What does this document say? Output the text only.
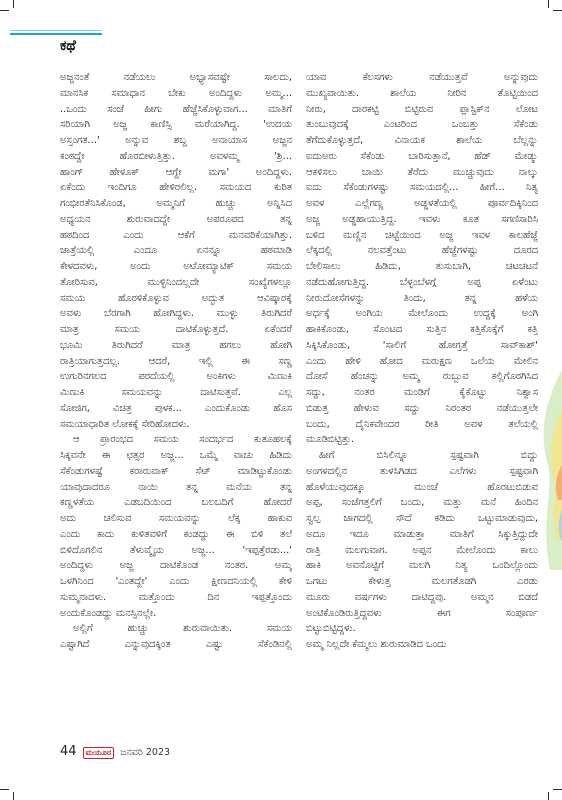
ಕಥೆ
ಅಜ್ಜನಂತೆ ನಡೆಯಲು ಅಭ್ಯಾಸವಷ್ಟೇ ಸಾಲದು,
ಮಾನಸಿಕ ಸಮಾಧಾನ ಬೇಕು ಅಂದಿದ್ದಳು ಅಮ್ಮ...
..ಒಂದು ಸಂಜೆ ಹೀಗು ಹೆಜ್ಜೆಸಿಕೊಳ್ಳುವಾಗ... ಮಾತಿಗೆ
ಸರಿಯಾಗಿ ಅಜ್ಜ ಕಾಣಿಸ್ಸಿ ಮರೆಯಾಗಿದ್ದ. 'ಉದಯ
ಅಸ್ತಂಗತ...' ಅನ್ನುವ ಶಬ್ದ ಅನಾಯಾಸ ಅಜ್ಜನ
ಕಂಠದ್ದೇ ಹೊರಬೀಳುತ್ತಿತ್ತು. ಅವಳಮ್ಮ 'ಶ್ರಿ...
ಹಾಂಗ್ ಹೇಳೂಕ್ ಆಗ್ದೇ ಮಗಾ' ಅಂದಿದ್ದಳು.
ಏಕೆಂದು ಇಂದಿಗೂ ಹೇಳಿರಲಿಲ್ಲ. ಸಮಯದ ಕುರಿತ
ಗಂಭೀರತೆನಿಸಿಕೊಂಡ, ಅಮ್ಮನಿಗೆ ಹುಚ್ಚು ಅನ್ನಿಸಿದ
ಅಧ್ಯಯನ ಶುರುವಾದದ್ದೇ ಅಪರೂಪದ ತನ್ನ
ಹಠದಿಂದ ಎಂದು ಆಕೆಗೆ ಮನವರಿಕೆಯಾಗಿತ್ತು.
ಜಾತ್ರೆಯಲ್ಲಿ ಎಂದೂ ಏನನ್ನೂ ಹಠಮಾಡಿ
ಕೇಳದವಳು, ಅಂದು ಅಟೋಮ್ಯಾಟಿಕ್ ಸಮಯ
ತೋರಿಸುವ, ಮುಳ್ಳಿನಿಂದಲ್ಲದೇ ಸಂಖ್ಯೆಗಳಲ್ಲೂ
ಸಮಯ ಹೊರಳಿಕೊಳ್ಳುವ ಅದ್ಭುತ ಆವಿಷ್ಕಾರಕ್ಕೆ
ಅವಳು ಬೆರಗಾಗಿ ಹೋಗಿದ್ದಳು. ಮುಳ್ಳು ತಿರುಗಿದರೆ
ಮಾತ್ರ ಸಮಯ ದಾಟಿಕೊಳ್ಳುತ್ತದೆ. ಏಕೆಂದರೆ
ಭೂಮಿ ತಿರುಗಿದರೆ ಮಾತ್ರ ಹಗಲು ಹೋಗಿ
ರಾತ್ರಿಯಾಗುತ್ತದಲ್ಲ. ಆದರೆ, ಇಲ್ಲಿ ಈ ಸಣ್ಣ
ಉಗುರಿನಗಲದ ಪರದೆಯಲ್ಲಿ ಅಂಕಿಗಳು ಮಿಣುಕಿ
ಮಿಣುಕಿ ಸಮಯವನ್ನು ದಾಟಿಸುತ್ತವೆ. ಎಲ್ಲ
ಸೋಜಿಗ, ವಿಚಿತ್ರ ಪುಳಕ... ಎಂದುಕೊಂಡು ಹೊಸ
ಸಮಯಾಧಾರಿತ ಲೋಕಕ್ಕೆ ಸೇರಿಹೋದಳು.
ಆ ಪ್ರಾರಂಭದ ಸಮಯ ಸಂದರ್ಭದ ಕುತೂಹಲಕ್ಕೆ
ಸಿಕ್ಕವನೇ ಈ ಛತ್ಸರ ಅಜ್ಜ... ಒಮ್ಮೆ ವಾಚು ಹಿಡಿದು
ಸೆಕೆಂಡುಗಳಷ್ಟೆ ಕರಾರುವಾಕ್ ಸೆಟ್ ಮಾಡಿಟ್ಟುಕೊಂಡು
ಯಾವುದಾದರೂ ನಾಯಿ ತನ್ನ ಮನೆಯ ತನ್ನ
ಕಣ್ಣಳತೆಯ ಎಡಬದಿಯಿಂದ ಬಲಬದಿಗೆ ಹೋದರೆ
ಅದು ಚಲಿಸುವ ಸಮಯವನ್ನು ಲೆಕ್ಕ ಹಾಕುವ
ಎಂದು ಕಾದು ಕುಳಿತವಳಿಗೆ ಕಂಡದ್ದು ಈ ಬಿಳಿ ತಲೆ
ಬಿಳಿದೊಗಲಿನ ತೆಳುವ್ಮೈಯ ಅಜ್ಜ... 'ಇಪ್ಪತ್ತೆರಡು...'
ಅಂದಿದ್ದಳು ಅಜ್ಜ ದಾಟಿಕೊಂಡ ನಂತರ. ಅಮ್ಮ
ಒಳಗಿನಿಂದ 'ಎಂತದ್ದೇ' ಎಂದು ಕ್ಷೀಣದನಿಯಲ್ಲಿ ಕೇಳಿ
ಸುಮ್ಮನಾದಳು. ಮತ್ತೊಂದು ದಿನ ಇಪ್ಪತ್ತೊಂದು
ಅಂದುಕೊಂಡದ್ದು ಮನಸ್ಸಿನಲ್ಲೇ.
ಅಲ್ಲಿಗೆ ಹುಚ್ಚು ಶುರುವಾಯಿತು. ಸಮಯ
ಎಷ್ಟಾಗಿದೆ ಎನ್ನುವುದಕ್ಕಿಂತ ಎಷ್ಟು ಸೆಕೆಂಡಿನಲ್ಲಿ
ಯಾವ ಕೆಲಸಗಳು ನಡೆಯುತ್ತವೆ ಅನ್ನುವುದು
ಮುಖ್ಯವಾಯಿತು. ಶಾಲೆಯ ನೀರಿನ ತೊಟ್ಟಿಯಿಂದ
ನೀರು, ದಾರಕಟ್ಟಿ ಬಿಟ್ಟಿರುವ ಪ್ಲಾಸ್ಟಿಕ್‌ನ ಲೋಟ
ತುಂಬುವುದಕ್ಕೆ ಎಂಟರಿಂದ ಒಂಬತ್ತು ಸೆಕೆಂಡು
ತೆಗೆದುಕೊಳ್ಳುತ್ತದೆ, ವಿನಾಯಕ ಶಾಲೆಯ ಬೆಲ್ಲನ್ನು
ಐದುಅರು ಸೆಕೆಂಡು ಬಾರಿಸುತ್ತಾನೆ, ಹೆಡ್ ಮೇಡ್ಮು
ಆಕಳಿಸಲು ಬಾಯಿ ತೆರೆದು ಮುಚ್ಚುವುದು ನಾಲ್ಕು
ಐದು ಸೆಕೆಂಡುಗಳಷ್ಟು ಸಮಯದಲ್ಲಿ... ಹೀಗೆ... ನಿತ್ಯ
ಅವಳ ಎಲ್ಲೆಗಣ್ಣ ಅಡ್ಡಳತೆಯಲ್ಲಿ ಪೂರ್ವದಿಕ್ಕಿನಿಂದ
ಅಜ್ಜ ಅಡ್ಡಹಾಯುತ್ತಿದ್ದ. ಇವಳು ಕೂತ ಸಗಣಿಸಾರಿಸಿ
ಬಳಿದ ಮಣ್ಣಿನ ಚಿಟ್ಟೆಯಿಂದ ಅಜ್ಜ ಇವಳ ಕಾಲಹೆಜ್ಜೆ
ಲೆಕ್ಕದಲ್ಲಿ ನಲವತ್ತೆಂಟು ಹೆಜ್ಜೆಗಳಷ್ಟು ದೂರದ
ಬೇಲಿಸಾಲು ಹಿಡಿದು, ತುಸುಬಾಗಿ, ಚಟಚಟನೆ
ನಡೆದುಹೋಗುತ್ತಿದ್ದ. ಬೆಳ್ಳಂಬೆಳಗ್ಗೆ ಅಪ್ಪ ಏಳೆಂಟು
ನೀರುದೋಸೆಗಳನ್ನು ತಿಂದು, ತನ್ನ ಹಳೆಯ
ಅರ್ಧಕ್ಕೆ ಅಂಗಿಯ ಮೇಲೊಂದು ಉದ್ದಕ್ಕೆ ಅಂಗಿ
ಹಾಕಿಕೊಂಡು, ಸೊಂಟದ ಸುತ್ತಿನ ಕತ್ತಿಕೊಕ್ಕೆಗೆ ಕತ್ತಿ
ಸಿಕ್ಕಿಸಿಕೊಂಡು, 'ಸಾಲಿಗೆ ಹೋಗ್ತತ್ತೆ ಸಾವ್‌ಕಾಶ್'
ಎಂದು ಹೇಳಿ ಹೋದ ಮರುಕ್ಷಣ ಒಲೆಯ ಮೇಲಿನ
ದೋಸೆ ಹೆಂಚನ್ನು ಅಮ್ಮ ರುಬ್ಬುವ ಕಲ್ಲಿಗೊರಗಿಸಿದ
ಸದ್ದು, ನಂತರ ಮಂಡಿಗೆ ಕೈಕೊಟ್ಟು ನಿಶ್ವಾಸ
ಬಿಡುತ್ತ ಹೇಳುವ ಸದ್ದು ನಿರಂತರ ನಡೆಯುತ್ತಲೇ
ಬಂದು, ದೈನಿಕವೇಂದರ ರೀತಿ ಅವಳ ತಲೆಯಲ್ಲಿ
ಮೂಡಿಬಿಟ್ಟಿತ್ತು.
ಹೀಗೆ ಬಿಸಿಲಿನ್ನೂ ಸ್ಪಷ್ಟವಾಗಿ ಬಿದ್ದು
ಅಂಗಳದಲ್ಲಿನ ತುಳಸಿಗಿಡದ ಎಲೆಗಳು ಸ್ಪಷ್ಟವಾಗಿ
ಹೊಳೆಯುವುದಕ್ಕೂ ಮುಂಚೆ ಹೊರಟುಬಿಡುವ
ಅಪ್ಪ, ಸಂಜೆಗತ್ತಲಿಗೆ ಬಂದು, ಮತ್ತು ಮನೆ ಹಿಂದಿನ
ಸ್ವಲ್ಪ ಜಾಗದಲ್ಲಿ ಸೌದೆ ಕಡಿದು ಒಟ್ಟುಮಾಡುವುದು,
ಅದೂ ಇದೂ ಮಾಡುತ್ತಾ ಮಾತಿಗೆ ಸಿಕ್ಕುತ್ತಿದ್ದುದೇ
ರಾತ್ರಿ ಮಲಗುವಾಗ. ಅಪ್ಪನ ಮೇಲೊಂದು ಕಾಲು
ಹಾಕಿ ಅವನೊಟ್ಟಿಗೆ ಮಲಗಿ ನಿತ್ಯ ಒಂದಿಲ್ಲೊಂದು
ಒಗಟು ಕೇಳುತ್ತ ಮಲಗತೊಡಗಿ ಎರಡು
ಮೂರು ವರ್ಷಗಳು ದಾಟಿದ್ದವು. ಅಮ್ಮನ ಬಿಡದೆ
ಅಂಟಿಕೊಂಡಿರುತ್ತಿದ್ದವಳು ಈಗ ಸಂಪೂರ್ಣ
ಬಿಟ್ಟುಬಿಟ್ಟಿದ್ದಳು.
ಅಮ್ಮ ನಿಲ್ಲದೇ ಕೆಮ್ಮಲು ಶುರುಮಾಡಿದ ಒಂದು
44	ಮಯೂರ ಜನವರಿ 2023
